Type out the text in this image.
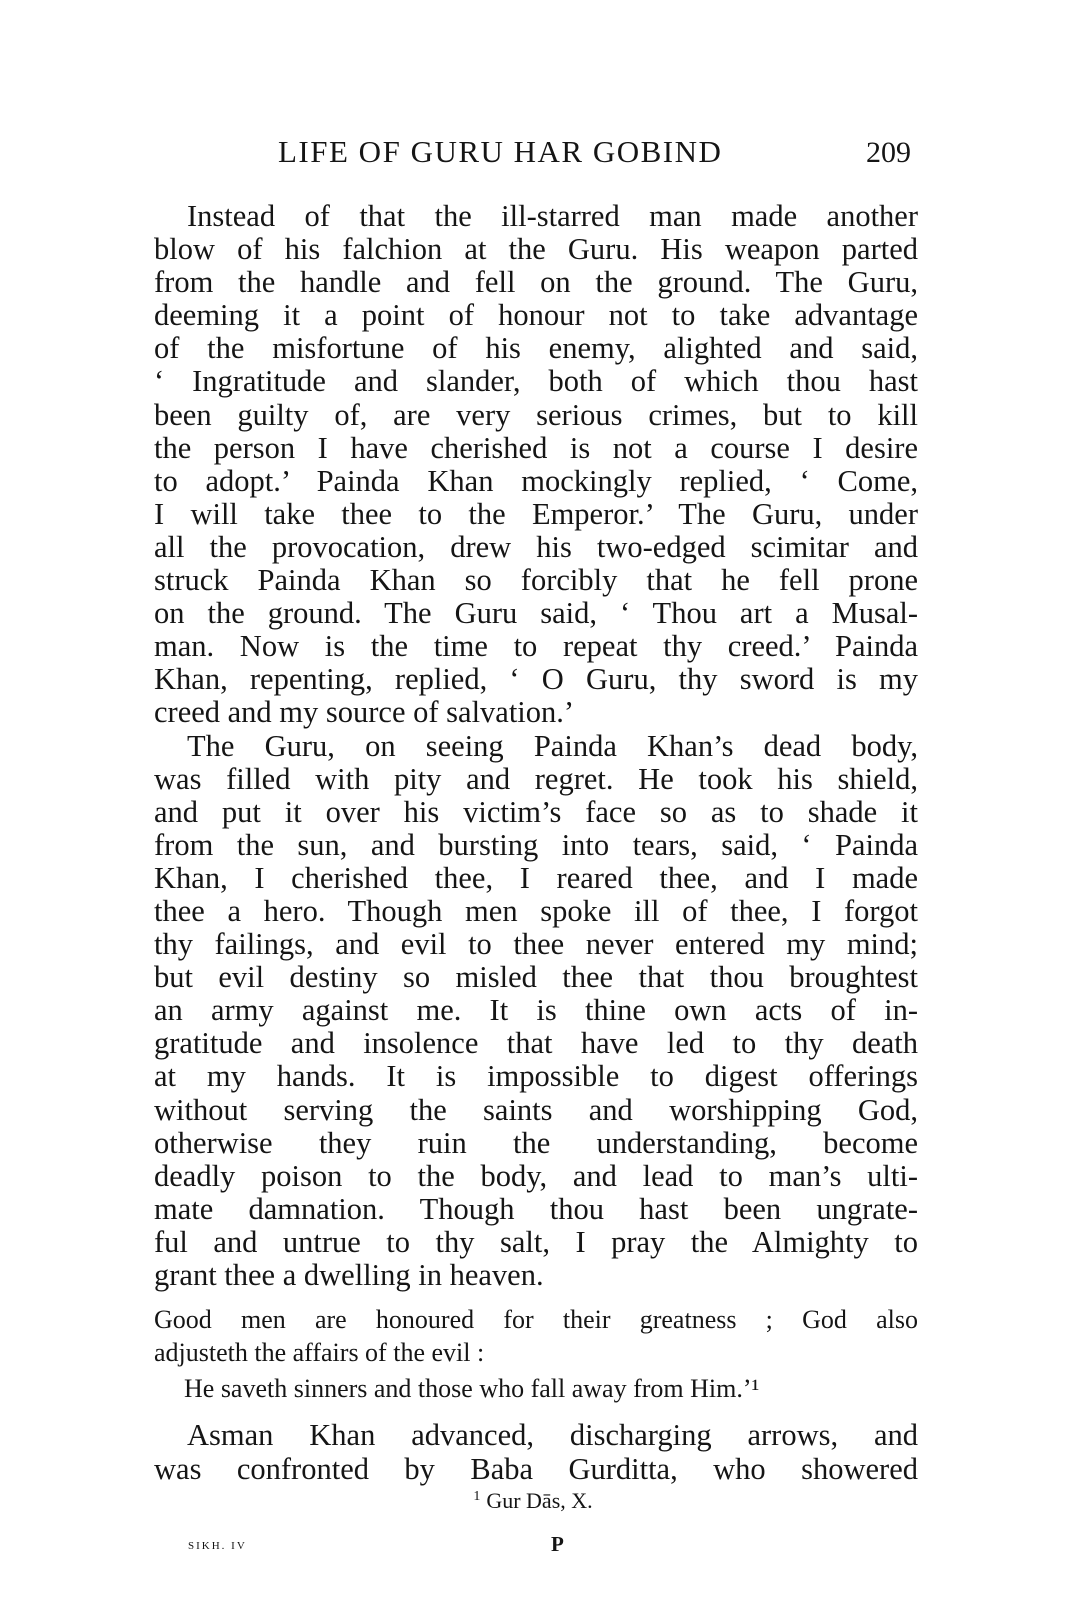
LIFE OF GURU HAR GOBIND	209
Instead of that the ill-starred man made another
blow of his falchion at the Guru. His weapon parted
from the handle and fell on the ground. The Guru,
deeming it a point of honour not to take advantage
of the misfortune of his enemy, alighted and said,
‘ Ingratitude and slander, both of which thou hast
been guilty of, are very serious crimes, but to kill
the person I have cherished is not a course I desire
to adopt.’ Painda Khan mockingly replied, ‘ Come,
I will take thee to the Emperor.’ The Guru, under
all the provocation, drew his two-edged scimitar and
struck Painda Khan so forcibly that he fell prone
on the ground. The Guru said, ‘ Thou art a Musal-
man. Now is the time to repeat thy creed.’ Painda
Khan, repenting, replied, ‘ O Guru, thy sword is my
creed and my source of salvation.’
The Guru, on seeing Painda Khan’s dead body,
was filled with pity and regret. He took his shield,
and put it over his victim’s face so as to shade it
from the sun, and bursting into tears, said, ‘ Painda
Khan, I cherished thee, I reared thee, and I made
thee a hero. Though men spoke ill of thee, I forgot
thy failings, and evil to thee never entered my mind;
but evil destiny so misled thee that thou broughtest
an army against me. It is thine own acts of in-
gratitude and insolence that have led to thy death
at my hands. It is impossible to digest offerings
without serving the saints and worshipping God,
otherwise they ruin the understanding, become
deadly poison to the body, and lead to man’s ulti-
mate damnation. Though thou hast been ungrate-
ful and untrue to thy salt, I pray the Almighty to
grant thee a dwelling in heaven.
Good men are honoured for their greatness ; God also
adjusteth the affairs of the evil :
He saveth sinners and those who fall away from Him.’¹
Asman Khan advanced, discharging arrows, and
was confronted by Baba Gurditta, who showered
$^1$ Gur Dās, X.
SIKH. IV	P
